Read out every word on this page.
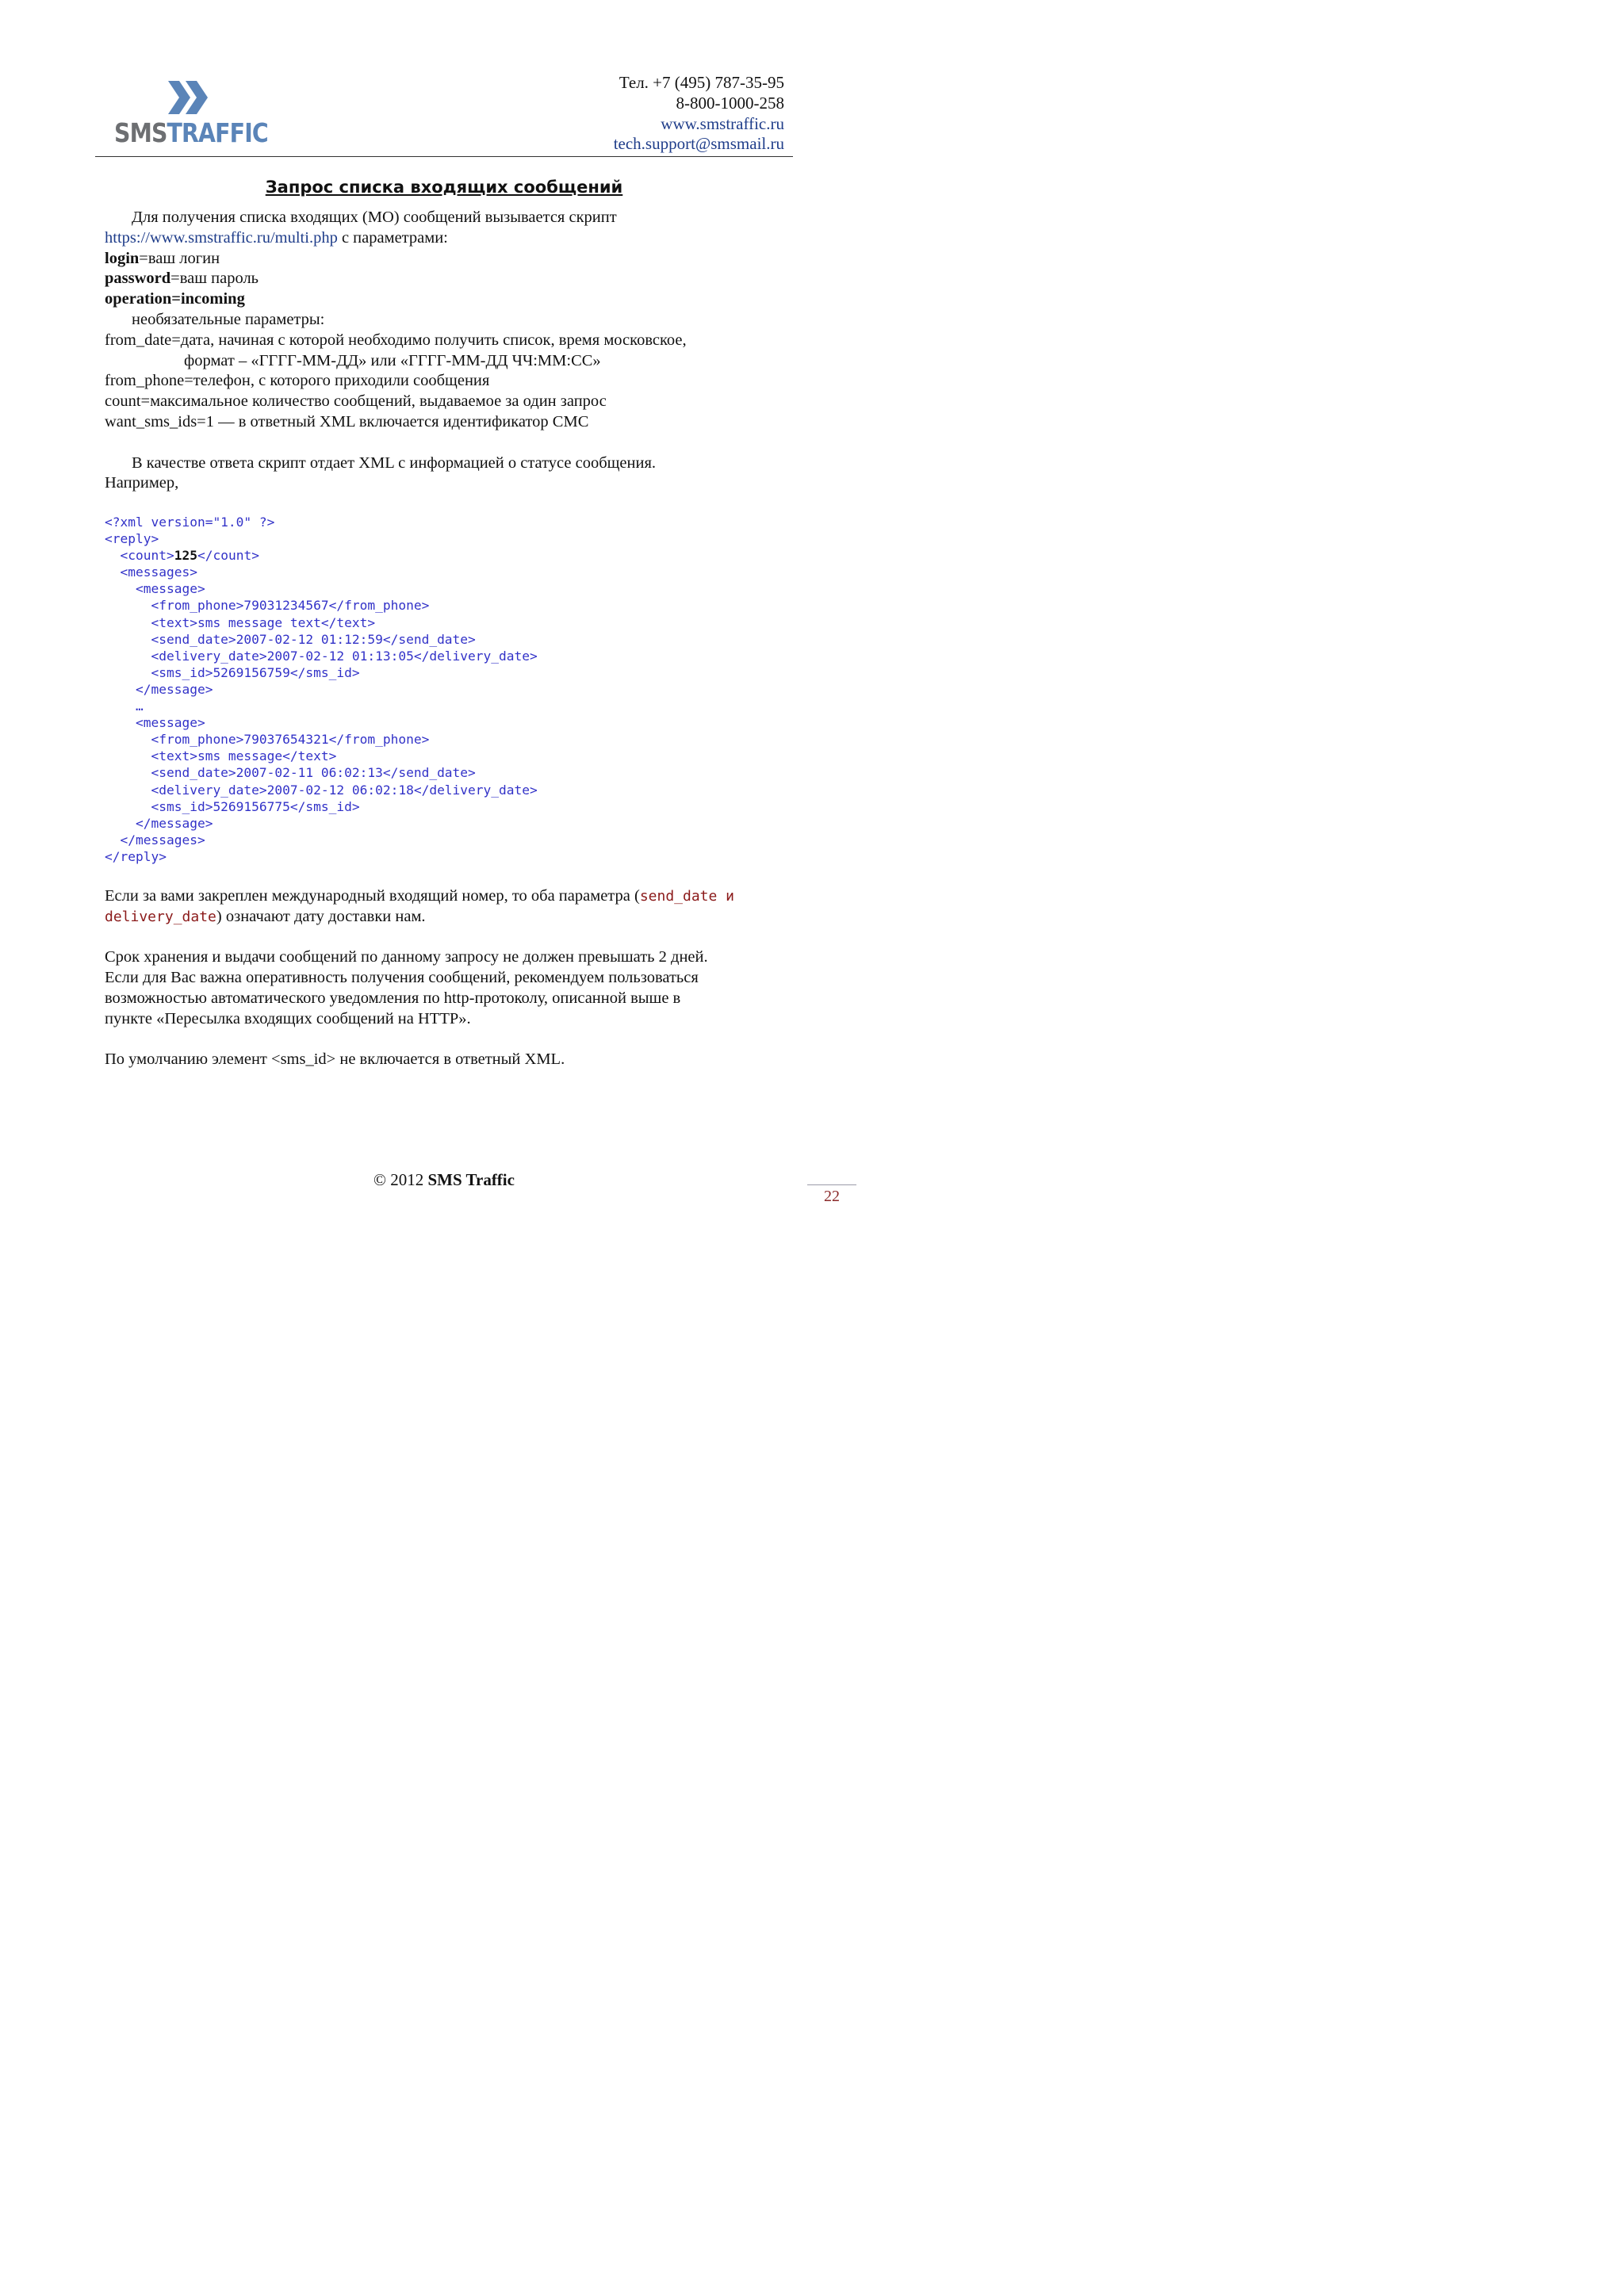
SMSTRAFFIC
Тел. +7 (495) 787-35-95
8-800-1000-258
www.smstraffic.ru
tech.support@smsmail.ru
Запрос списка входящих сообщений

Для получения списка входящих (МО) сообщений вызывается скрипт

https://www.smstraffic.ru/multi.php с параметрами:

login=ваш логин

password=ваш пароль

operation=incoming

необязательные параметры:

from_date=дата, начиная с которой необходимо получить список, время московское,

формат – «ГГГГ-ММ-ДД» или «ГГГГ-ММ-ДД ЧЧ:ММ:СС»

from_phone=телефон, с которого приходили сообщения

count=максимальное количество сообщений, выдаваемое за один запрос

want_sms_ids=1 — в ответный XML включается идентификатор СМС

В качестве ответа скрипт отдает XML с информацией о статусе сообщения.

Например,

<?xml version="1.0" ?>
<reply>
<count>125</count>
<messages>
<message>
<from_phone>79031234567</from_phone>
<text>sms message text</text>
<send_date>2007-02-12 01:12:59</send_date>
<delivery_date>2007-02-12 01:13:05</delivery_date>
<sms_id>5269156759</sms_id>
</message>
…
<message>
<from_phone>79037654321</from_phone>
<text>sms message</text>
<send_date>2007-02-11 06:02:13</send_date>
<delivery_date>2007-02-12 06:02:18</delivery_date>
<sms_id>5269156775</sms_id>
</message>
</messages>
</reply>

Если за вами закреплен международный входящий номер, то оба параметра (send_date и

delivery_date) означают дату доставки нам.

Срок хранения и выдачи сообщений по данному запросу не должен превышать 2 дней.

Если для Вас важна оперативность получения сообщений, рекомендуем пользоваться

возможностью автоматического уведомления по http-протоколу, описанной выше в

пункте «Пересылка входящих сообщений на HTTP».

По умолчанию элемент <sms_id> не включается в ответный XML.

© 2012 SMS Traffic
22
